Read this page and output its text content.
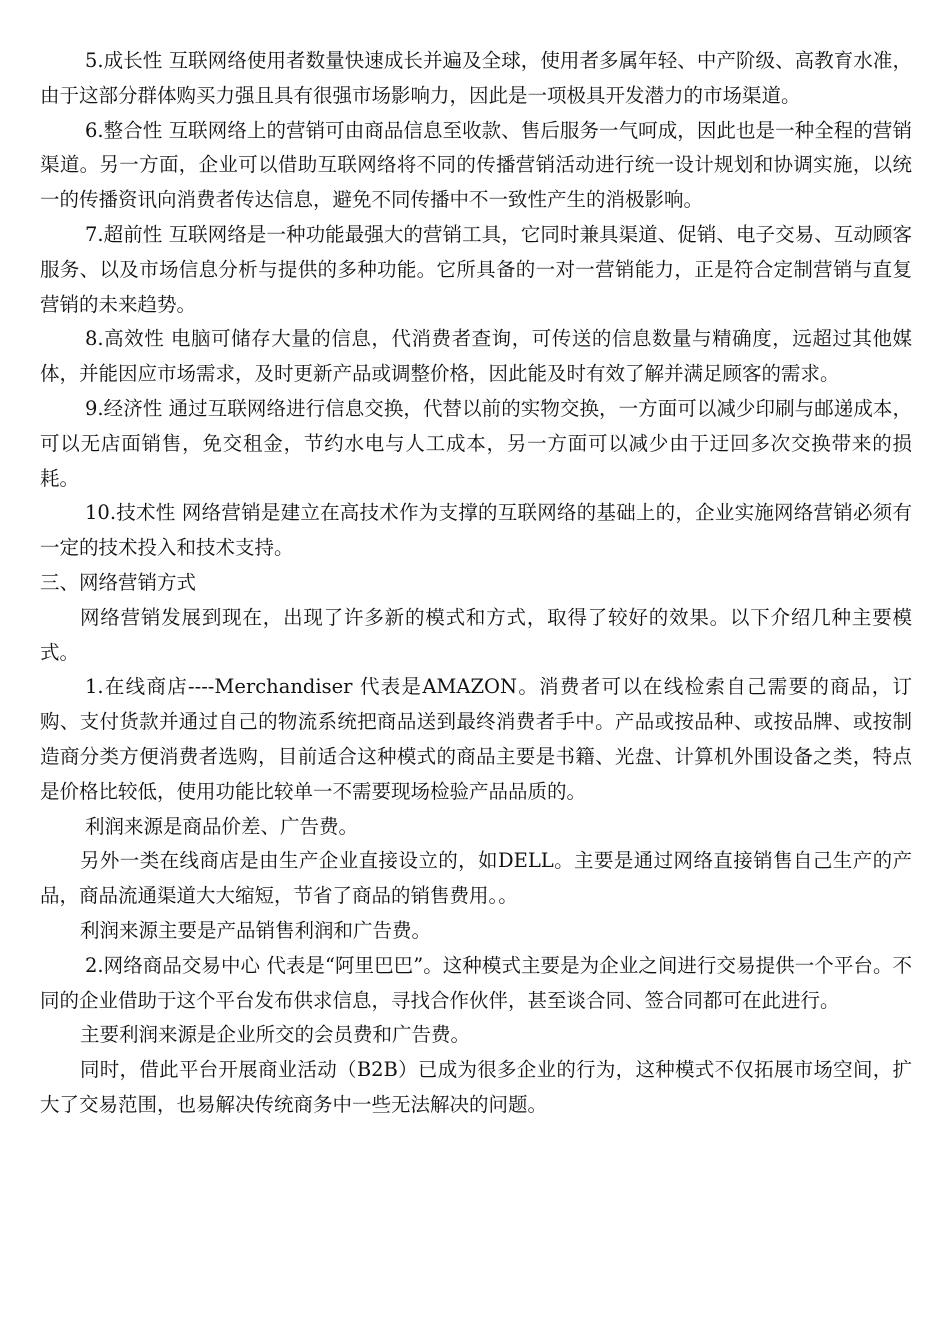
5.成长性 互联网络使用者数量快速成长并遍及全球，使用者多属年轻、中产阶级、高教育水准，由于这部分群体购买力强且具有很强市场影响力，因此是一项极具开发潜力的市场渠道。

6.整合性 互联网络上的营销可由商品信息至收款、售后服务一气呵成，因此也是一种全程的营销渠道。另一方面，企业可以借助互联网络将不同的传播营销活动进行统一设计规划和协调实施，以统一的传播资讯向消费者传达信息，避免不同传播中不一致性产生的消极影响。

7.超前性 互联网络是一种功能最强大的营销工具，它同时兼具渠道、促销、电子交易、互动顾客服务、以及市场信息分析与提供的多种功能。它所具备的一对一营销能力，正是符合定制营销与直复营销的未来趋势。

8.高效性 电脑可储存大量的信息，代消费者查询，可传送的信息数量与精确度，远超过其他媒体，并能因应市场需求，及时更新产品或调整价格，因此能及时有效了解并满足顾客的需求。

9.经济性 通过互联网络进行信息交换，代替以前的实物交换，一方面可以减少印刷与邮递成本，可以无店面销售，免交租金，节约水电与人工成本，另一方面可以减少由于迂回多次交换带来的损耗。

10.技术性 网络营销是建立在高技术作为支撑的互联网络的基础上的，企业实施网络营销必须有一定的技术投入和技术支持。

三、网络营销方式

网络营销发展到现在，出现了许多新的模式和方式，取得了较好的效果。以下介绍几种主要模式。

1.在线商店----Merchandiser 代表是AMAZON。消费者可以在线检索自己需要的商品，订购、支付货款并通过自己的物流系统把商品送到最终消费者手中。产品或按品种、或按品牌、或按制造商分类方便消费者选购，目前适合这种模式的商品主要是书籍、光盘、计算机外围设备之类，特点是价格比较低，使用功能比较单一不需要现场检验产品品质的。

利润来源是商品价差、广告费。

另外一类在线商店是由生产企业直接设立的，如DELL。主要是通过网络直接销售自己生产的产品，商品流通渠道大大缩短，节省了商品的销售费用。。

利润来源主要是产品销售利润和广告费。

2.网络商品交易中心 代表是“阿里巴巴”。这种模式主要是为企业之间进行交易提供一个平台。不同的企业借助于这个平台发布供求信息，寻找合作伙伴，甚至谈合同、签合同都可在此进行。

主要利润来源是企业所交的会员费和广告费。

同时，借此平台开展商业活动（B2B）已成为很多企业的行为，这种模式不仅拓展市场空间，扩大了交易范围，也易解决传统商务中一些无法解决的问题。
